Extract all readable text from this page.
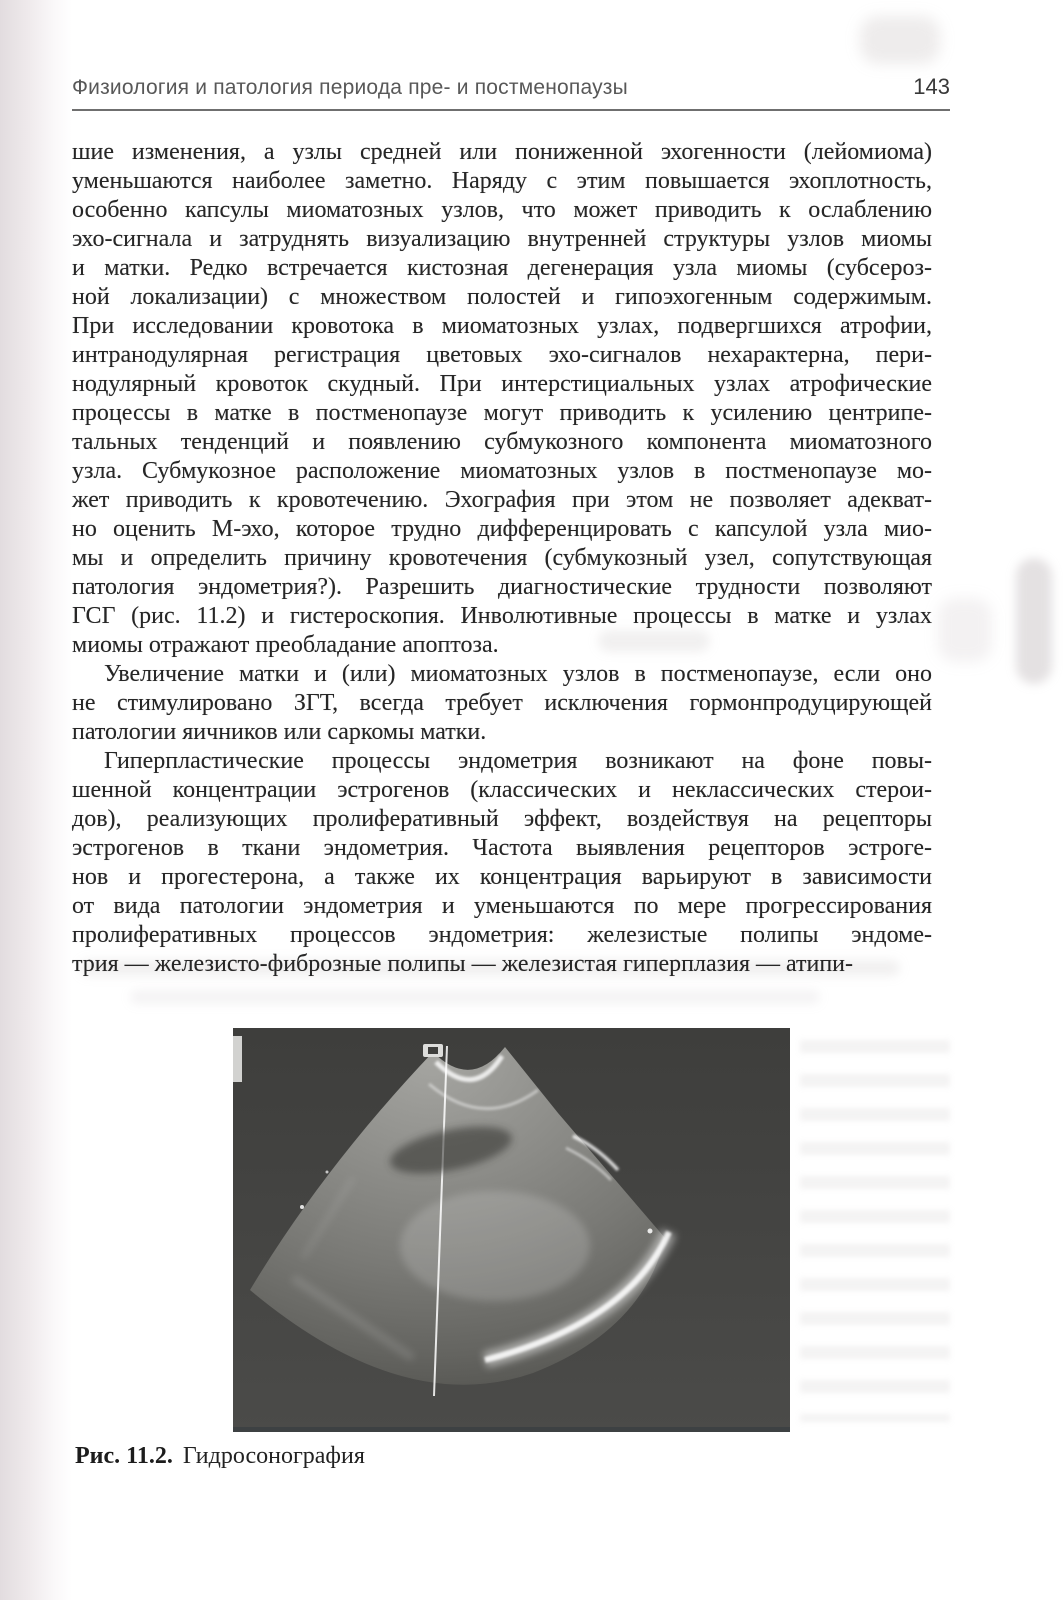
Физиология и патология периода пре- и постменопаузы	143
шие изменения, а узлы средней или пониженной эхогенности (лейомиома)
уменьшаются наиболее заметно. Наряду с этим повышается эхоплотность,
особенно капсулы миоматозных узлов, что может приводить к ослаблению
эхо-сигнала и затруднять визуализацию внутренней структуры узлов миомы
и матки. Редко встречается кистозная дегенерация узла миомы (субсероз-
ной локализации) с множеством полостей и гипоэхогенным содержимым.
При исследовании кровотока в миоматозных узлах, подвергшихся атрофии,
интранодулярная регистрация цветовых эхо-сигналов нехарактерна, пери-
нодулярный кровоток скудный. При интерстициальных узлах атрофические
процессы в матке в постменопаузе могут приводить к усилению центрипе-
тальных тенденций и появлению субмукозного компонента миоматозного
узла. Субмукозное расположение миоматозных узлов в постменопаузе мо-
жет приводить к кровотечению. Эхография при этом не позволяет адекват-
но оценить М-эхо, которое трудно дифференцировать с капсулой узла мио-
мы и определить причину кровотечения (субмукозный узел, сопутствующая
патология эндометрия?). Разрешить диагностические трудности позволяют
ГСГ (рис. 11.2) и гистероскопия. Инволютивные процессы в матке и узлах
миомы отражают преобладание апоптоза.
Увеличение матки и (или) миоматозных узлов в постменопаузе, если оно
не стимулировано ЗГТ, всегда требует исключения гормонпродуцирующей
патологии яичников или саркомы матки.
Гиперпластические процессы эндометрия возникают на фоне повы-
шенной концентрации эстрогенов (классических и неклассических стерои-
дов), реализующих пролиферативный эффект, воздействуя на рецепторы
эстрогенов в ткани эндометрия. Частота выявления рецепторов эстроге-
нов и прогестерона, а также их концентрация варьируют в зависимости
от вида патологии эндометрия и уменьшаются по мере прогрессирования
пролиферативных процессов эндометрия: железистые полипы эндоме-
трия — железисто-фиброзные полипы — железистая гиперплазия — атипи-
Рис. 11.2. Гидросонография
